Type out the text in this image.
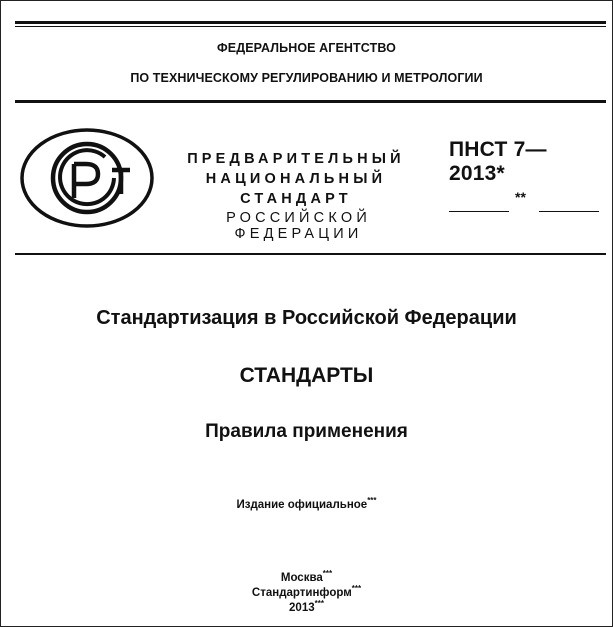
ФЕДЕРАЛЬНОЕ АГЕНТСТВО
ПО ТЕХНИЧЕСКОМУ РЕГУЛИРОВАНИЮ И МЕТРОЛОГИИ
ПРЕДВАРИТЕЛЬНЫЙ
НАЦИОНАЛЬНЫЙ
СТАНДАРТ
РОССИЙСКОЙ ФЕДЕРАЦИИ
ПНСТ 7—
2013*
**
Стандартизация в Российской Федерации
СТАНДАРТЫ
Правила применения
Издание официальное***
Москва***
Стандартинформ***
2013***
